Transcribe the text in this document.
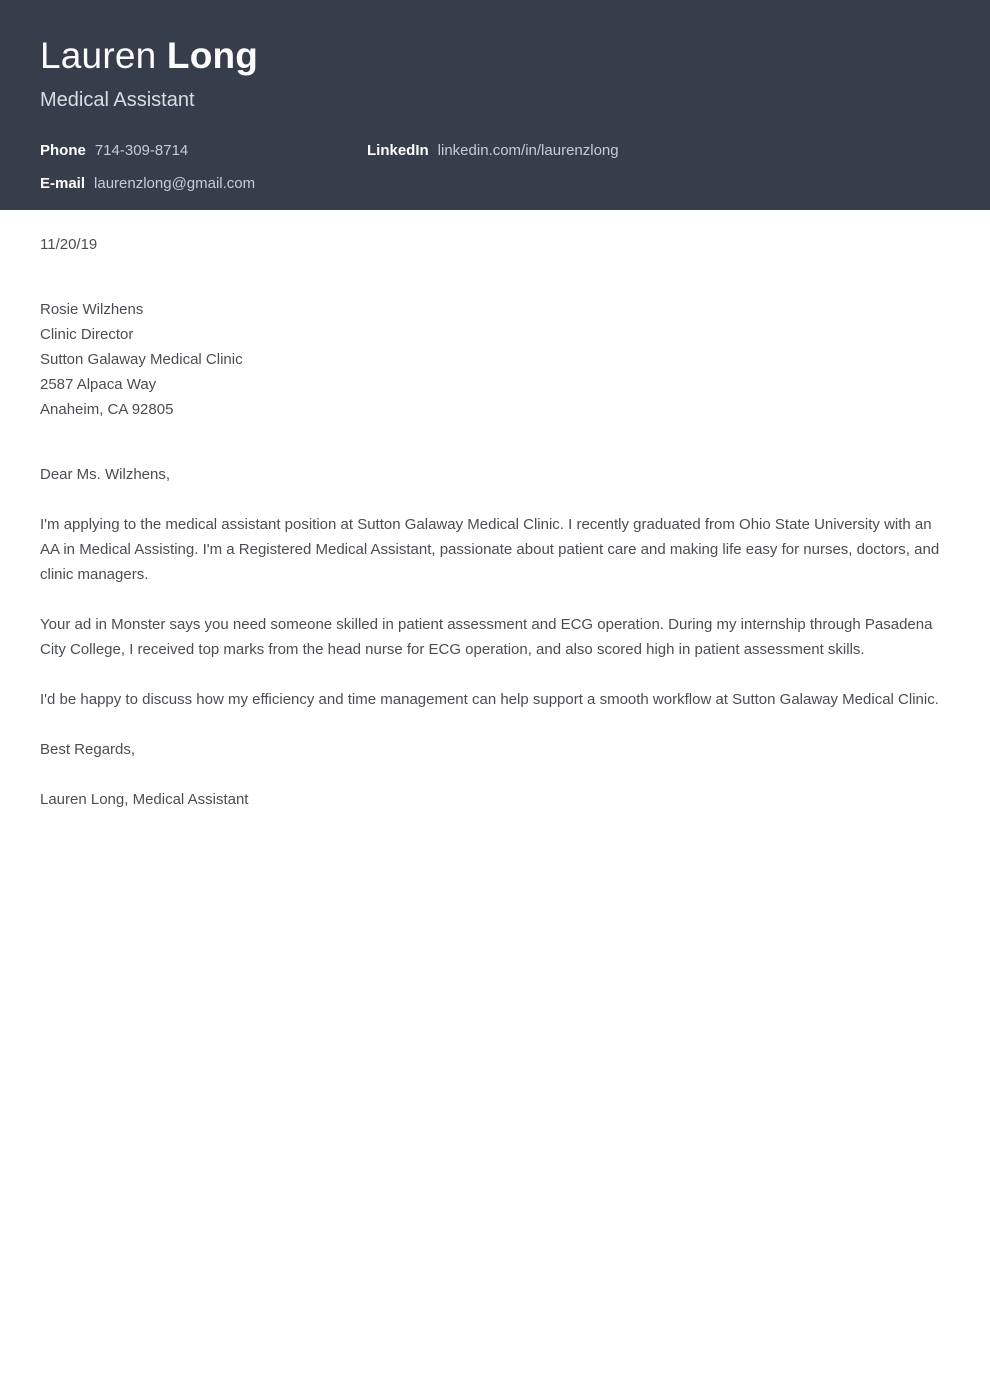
Lauren Long
Medical Assistant
Phone 714-309-8714	LinkedIn linkedin.com/in/laurenzlong
E-mail laurenzlong@gmail.com
11/20/19
Rosie Wilzhens
Clinic Director
Sutton Galaway Medical Clinic
2587 Alpaca Way
Anaheim, CA 92805
Dear Ms. Wilzhens,

I'm applying to the medical assistant position at Sutton Galaway Medical Clinic. I recently graduated from Ohio State University with an AA in Medical Assisting. I'm a Registered Medical Assistant, passionate about patient care and making life easy for nurses, doctors, and clinic managers.

Your ad in Monster says you need someone skilled in patient assessment and ECG operation. During my internship through Pasadena City College, I received top marks from the head nurse for ECG operation, and also scored high in patient assessment skills.

I'd be happy to discuss how my efficiency and time management can help support a smooth workflow at Sutton Galaway Medical Clinic.

Best Regards,
Lauren Long, Medical Assistant
